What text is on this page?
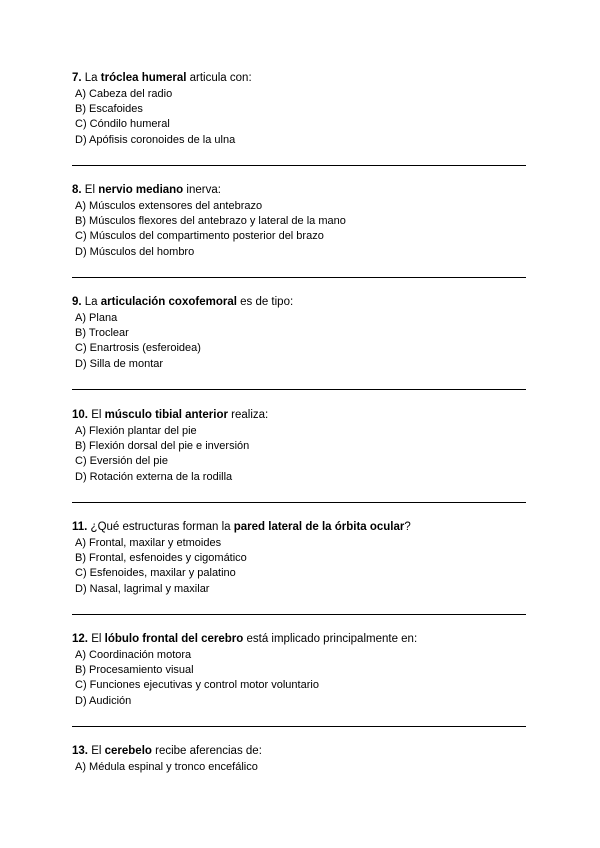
7. La tróclea humeral articula con:
A) Cabeza del radio
B) Escafoides
C) Cóndilo humeral
D) Apófisis coronoides de la ulna
8. El nervio mediano inerva:
A) Músculos extensores del antebrazo
B) Músculos flexores del antebrazo y lateral de la mano
C) Músculos del compartimento posterior del brazo
D) Músculos del hombro
9. La articulación coxofemoral es de tipo:
A) Plana
B) Troclear
C) Enartrosis (esferoidea)
D) Silla de montar
10. El músculo tibial anterior realiza:
A) Flexión plantar del pie
B) Flexión dorsal del pie e inversión
C) Eversión del pie
D) Rotación externa de la rodilla
11. ¿Qué estructuras forman la pared lateral de la órbita ocular?
A) Frontal, maxilar y etmoides
B) Frontal, esfenoides y cigomático
C) Esfenoides, maxilar y palatino
D) Nasal, lagrimal y maxilar
12. El lóbulo frontal del cerebro está implicado principalmente en:
A) Coordinación motora
B) Procesamiento visual
C) Funciones ejecutivas y control motor voluntario
D) Audición
13. El cerebelo recibe aferencias de:
A) Médula espinal y tronco encefálico
